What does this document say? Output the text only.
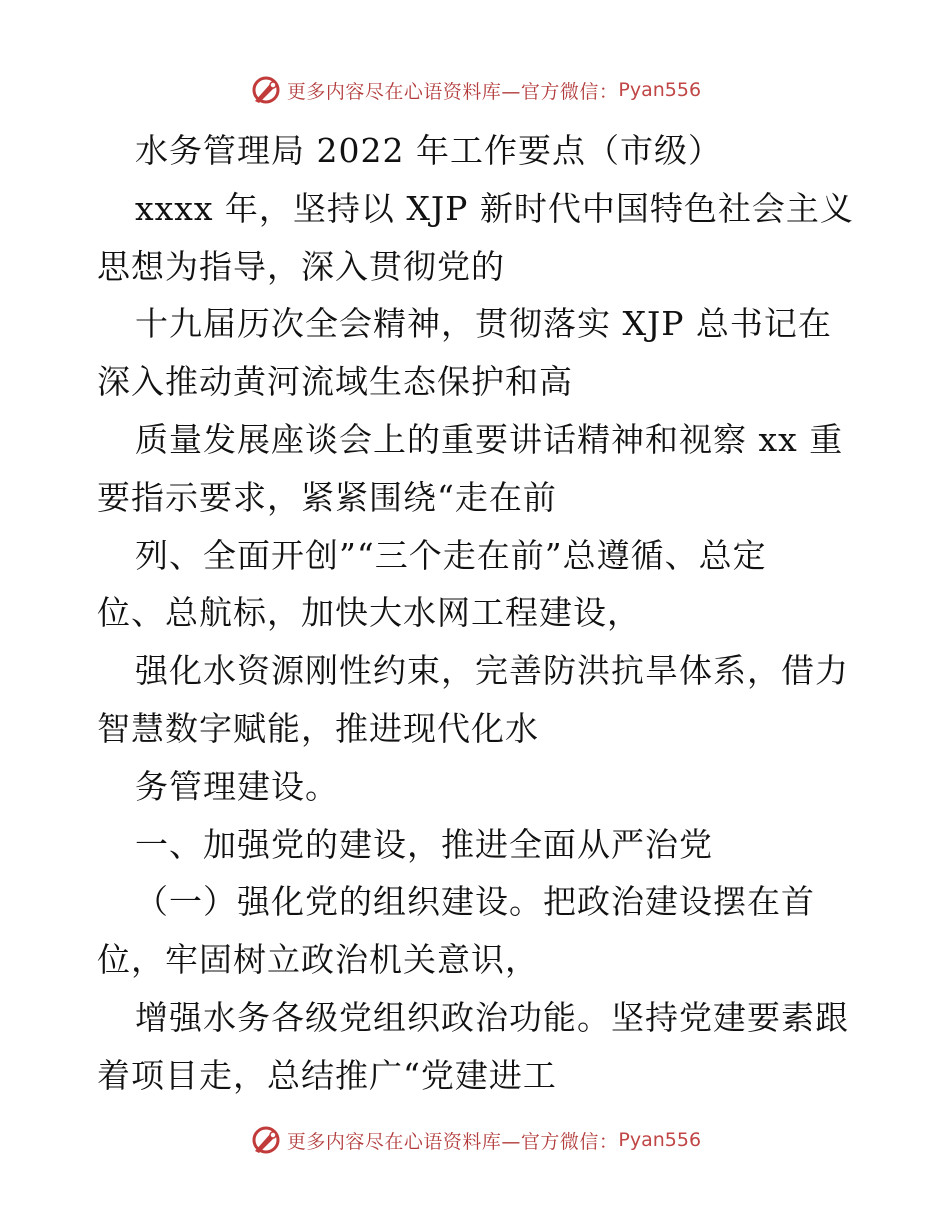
更多内容尽在心语资料库—官方微信： Pyan556
水务管理局 2022 年工作要点（市级）
xxxx 年，坚持以 XJP 新时代中国特色社会主义
思想为指导，深入贯彻党的
十九届历次全会精神，贯彻落实 XJP 总书记在
深入推动黄河流域生态保护和高
质量发展座谈会上的重要讲话精神和视察 xx 重
要指示要求，紧紧围绕“走在前
列、全面开创”“三个走在前”总遵循、总定
位、总航标，加快大水网工程建设，
强化水资源刚性约束，完善防洪抗旱体系，借力
智慧数字赋能，推进现代化水
务管理建设。
一、加强党的建设，推进全面从严治党
（一）强化党的组织建设。把政治建设摆在首
位，牢固树立政治机关意识，
增强水务各级党组织政治功能。坚持党建要素跟
着项目走，总结推广“党建进工
更多内容尽在心语资料库—官方微信： Pyan556
